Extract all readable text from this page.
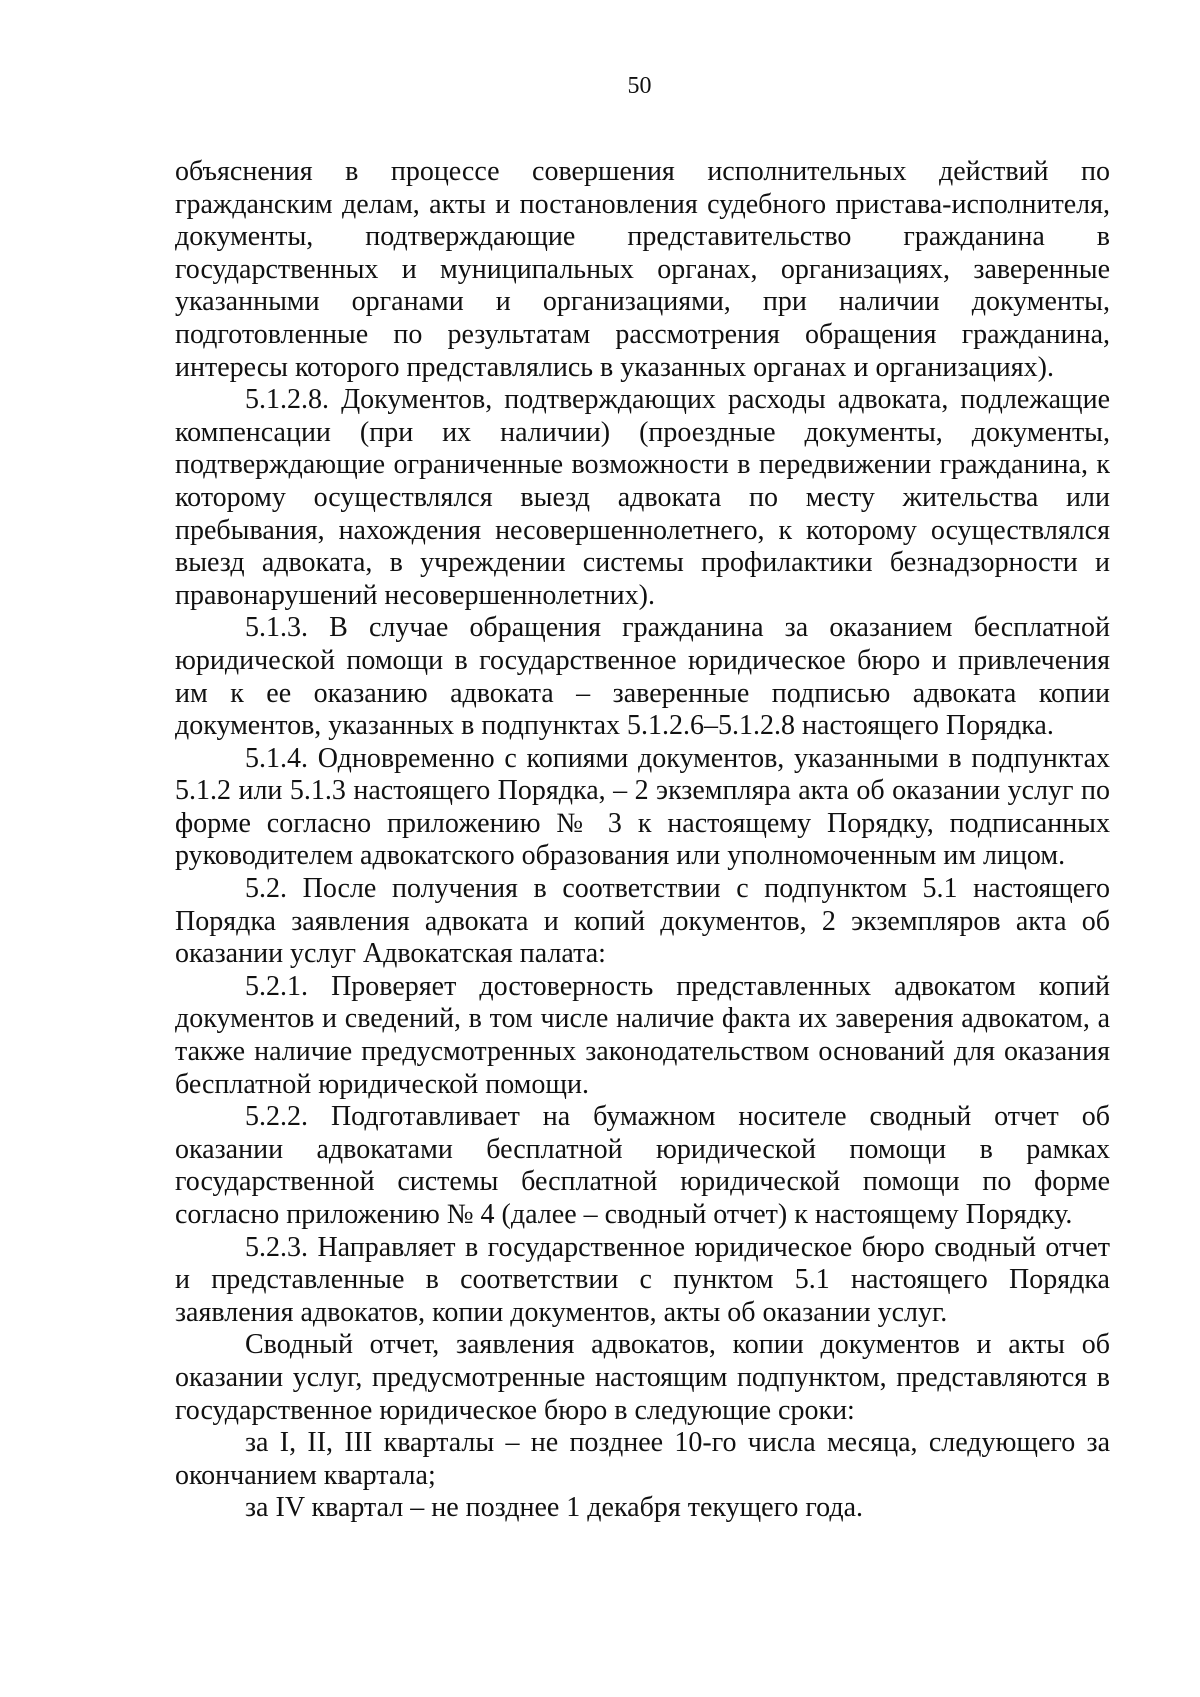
50

объяснения в процессе совершения исполнительных действий по гражданским делам, акты и постановления судебного пристава-исполнителя, документы, подтверждающие представительство гражданина в государственных и муниципальных органах, организациях, заверенные указанными органами и организациями, при наличии документы, подготовленные по результатам рассмотрения обращения гражданина, интересы которого представлялись в указанных органах и организациях).

5.1.2.8. Документов, подтверждающих расходы адвоката, подлежащие компенсации (при их наличии) (проездные документы, документы, подтверждающие ограниченные возможности в передвижении гражданина, к которому осуществлялся выезд адвоката по месту жительства или пребывания, нахождения несовершеннолетнего, к которому осуществлялся выезд адвоката, в учреждении системы профилактики безнадзорности и правонарушений несовершеннолетних).

5.1.3. В случае обращения гражданина за оказанием бесплатной юридической помощи в государственное юридическое бюро и привлечения им к ее оказанию адвоката – заверенные подписью адвоката копии документов, указанных в подпунктах 5.1.2.6–5.1.2.8 настоящего Порядка.

5.1.4. Одновременно с копиями документов, указанными в подпунктах 5.1.2 или 5.1.3 настоящего Порядка, – 2 экземпляра акта об оказании услуг по форме согласно приложению № 3 к настоящему Порядку, подписанных руководителем адвокатского образования или уполномоченным им лицом.

5.2. После получения в соответствии с подпунктом 5.1 настоящего Порядка заявления адвоката и копий документов, 2 экземпляров акта об оказании услуг Адвокатская палата:

5.2.1. Проверяет достоверность представленных адвокатом копий документов и сведений, в том числе наличие факта их заверения адвокатом, а также наличие предусмотренных законодательством оснований для оказания бесплатной юридической помощи.

5.2.2. Подготавливает на бумажном носителе сводный отчет об оказании адвокатами бесплатной юридической помощи в рамках государственной системы бесплатной юридической помощи по форме согласно приложению № 4 (далее – сводный отчет) к настоящему Порядку.

5.2.3. Направляет в государственное юридическое бюро сводный отчет и представленные в соответствии с пунктом 5.1 настоящего Порядка заявления адвокатов, копии документов, акты об оказании услуг.

Сводный отчет, заявления адвокатов, копии документов и акты об оказании услуг, предусмотренные настоящим подпунктом, представляются в государственное юридическое бюро в следующие сроки:

за I, II, III кварталы – не позднее 10-го числа месяца, следующего за окончанием квартала;

за IV квартал – не позднее 1 декабря текущего года.
